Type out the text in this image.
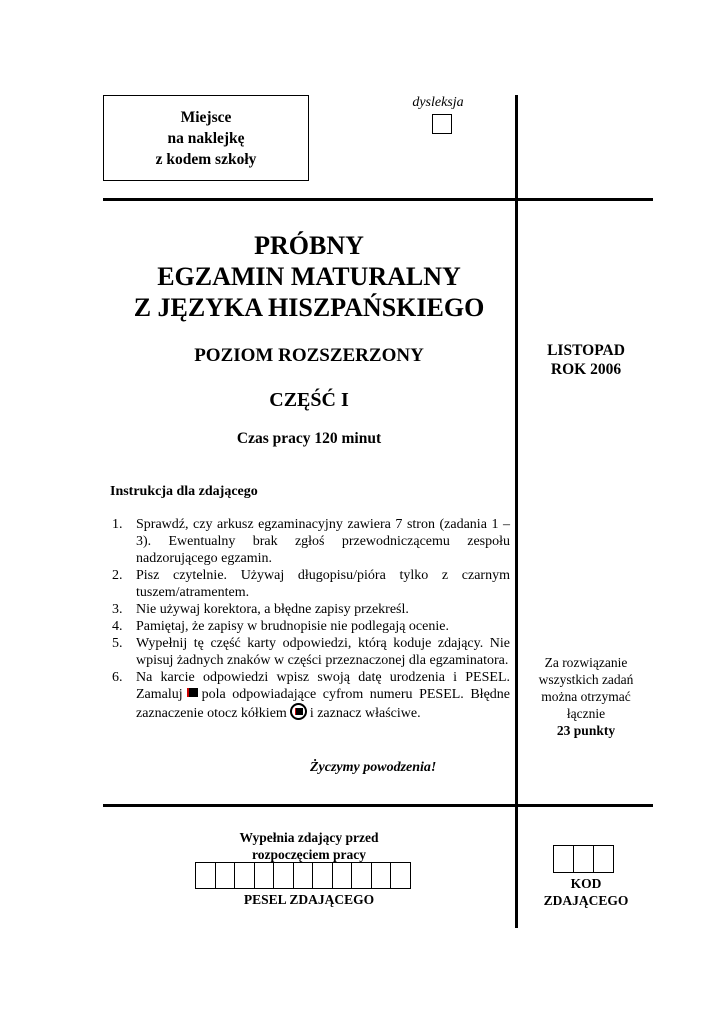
Miejsce
na naklejkę
z kodem szkoły
dysleksja
PRÓBNY
EGZAMIN MATURALNY
Z JĘZYKA HISZPAŃSKIEGO
POZIOM ROZSZERZONY
CZĘŚĆ I
Czas pracy 120 minut
LISTOPAD
ROK 2006
Instrukcja dla zdającego
1. Sprawdź, czy arkusz egzaminacyjny zawiera 7 stron (zadania 1 – 3). Ewentualny brak zgłoś przewodniczącemu zespołu nadzorującego egzamin.
2. Pisz czytelnie. Używaj długopisu/pióra tylko z czarnym tuszem/atramentem.
3. Nie używaj korektora, a błędne zapisy przekreśl.
4. Pamiętaj, że zapisy w brudnopisie nie podlegają ocenie.
5. Wypełnij tę część karty odpowiedzi, którą koduje zdający. Nie wpisuj żadnych znaków w części przeznaczonej dla egzaminatora.
6. Na karcie odpowiedzi wpisz swoją datę urodzenia i PESEL. Zamaluj pola odpowiadające cyfrom numeru PESEL. Błędne zaznaczenie otocz kółkiem i zaznacz właściwe.
Życzymy powodzenia!
Za rozwiązanie
wszystkich zadań
można otrzymać
łącznie
23 punkty
Wypełnia zdający przed
rozpoczęciem pracy
PESEL ZDAJĄCEGO
KOD
ZDAJĄCEGO
